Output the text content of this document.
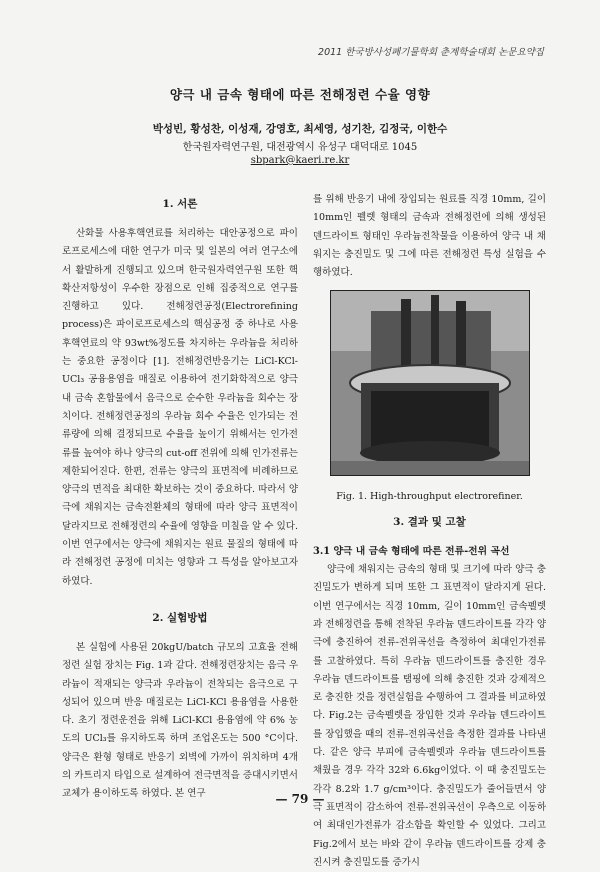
2011 한국방사성폐기물학회 춘계학술대회 논문요약집
양극 내 금속 형태에 따른 전해정련 수율 영향
박성빈, 황성찬, 이성재, 강영호, 최세영, 성기찬, 김정국, 이한수
한국원자력연구원, 대전광역시 유성구 대덕대로 1045
sbpark@kaeri.re.kr
1. 서론

산화물 사용후핵연료를 처리하는 대안공정으로 파이로프로세스에 대한 연구가 미국 및 일본의 여러 연구소에서 활발하게 진행되고 있으며 한국원자력연구원 또한 핵확산저항성이 우수한 장점으로 인해 집중적으로 연구를 진행하고 있다. 전해정련공정(Electrorefining process)은 파이로프로세스의 핵심공정 중 하나로 사용후핵연료의 약 93wt%정도를 차지하는 우라늄을 처리하는 중요한 공정이다 [1]. 전해정련반응기는 LiCl-KCl-UCl₃ 공융용염을 매질로 이용하여 전기화학적으로 양극 내 금속 혼합물에서 음극으로 순수한 우라늄을 회수는 장치이다. 전해정련공정의 우라늄 회수 수율은 인가되는 전류량에 의해 결정되므로 수율을 높이기 위해서는 인가전류를 높여야 하나 양극의 cut-off 전위에 의해 인가전류는 제한되어진다. 한편, 전류는 양극의 표면적에 비례하므로 양극의 면적을 최대한 확보하는 것이 중요하다. 따라서 양극에 채워지는 금속전환체의 형태에 따라 양극 표면적이 달라지므로 전해정련의 수율에 영향을 미칠을 알 수 있다. 이번 연구에서는 양극에 채워지는 원료 물질의 형태에 따라 전해정련 공정에 미치는 영향과 그 특성을 알아보고자 하였다.

2. 실험방법

본 실험에 사용된 20kgU/batch 규모의 고효율 전해정련 실험 장치는 Fig. 1과 같다. 전해정련장치는 음극 우라늄이 적재되는 양극과 우라늄이 전착되는 음극으로 구성되어 있으며 반응 매질로는 LiCl-KCl 용융염을 사용한다. 초기 정련운전을 위해 LiCl-KCl 용융염에 약 6% 농도의 UCl₃를 유지하도록 하며 조업온도는 500 °C이다. 양극은 환형 형태로 반응기 외벽에 가까이 위치하며 4개의 카트리지 타입으로 설계하여 전극면적을 증대시키면서 교체가 용이하도록 하였다. 본 연구

를 위해 반응기 내에 장입되는 원료를 직경 10mm, 길이 10mm인 펠렛 형태의 금속과 전해정련에 의해 생성된 덴드라이트 형태인 우라늄전착물을 이용하여 양극 내 채워지는 충진밀도 및 그에 따른 전해정련 특성 실험을 수행하였다.

Fig. 1. High-throughput electrorefiner.
3. 결과 및 고찰
3.1 양극 내 금속 형태에 따른 전류-전위 곡선

양극에 채워지는 금속의 형태 및 크기에 따라 양극 충진밀도가 변하게 되며 또한 그 표면적이 달라지게 된다. 이번 연구에서는 직경 10mm, 길이 10mm인 금속펠렛과 전해정련을 통해 전착된 우라늄 덴드라이트를 각각 양극에 충진하여 전류-전위곡선을 측정하여 최대인가전류를 고찰하였다. 특히 우라늄 덴드라이트를 충진한 경우 우라늄 덴드라이트를 탬핑에 의해 충진한 것과 강제적으로 충진한 것을 정련실험을 수행하여 그 결과를 비교하였다. Fig.2는 금속펠렛을 장입한 것과 우라늄 덴드라이트를 장입했을 때의 전류-전위곡선을 측정한 결과를 나타낸다. 같은 양극 부피에 금속펠렛과 우라늄 덴드라이트를 채웠을 경우 각각 32와 6.6kg이었다. 이 때 충진밀도는 각각 8.2와 1.7 g/cm³이다. 충진밀도가 줄어들면서 양극 표면적이 감소하여 전류-전위곡선이 우측으로 이동하여 최대인가전류가 감소함을 확인할 수 있었다. 그리고 Fig.2에서 보는 바와 같이 우라늄 덴드라이트를 강제 충진시켜 충진밀도를 증가시

— 79 —
